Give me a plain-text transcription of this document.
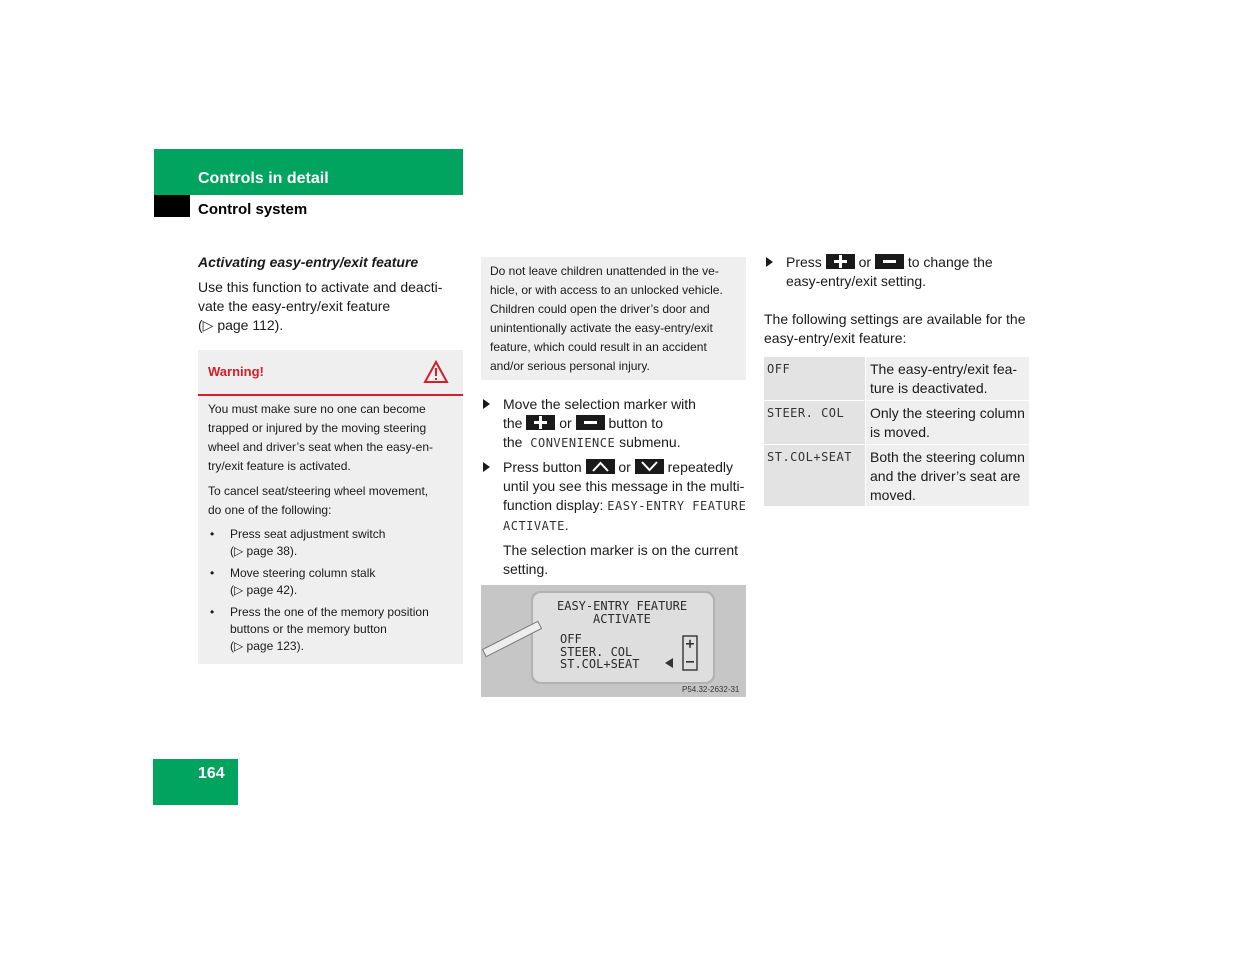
Controls in detail
Control system
Activating easy-entry/exit feature
Use this function to activate and deacti-
vate the easy-entry/exit feature
(▷ page 112).
Warning!

You must make sure no one can become
trapped or injured by the moving steering
wheel and driver’s seat when the easy-en-
try/exit feature is activated.

To cancel seat/steering wheel movement,
do one of the following:

• Press seat adjustment switch
(▷ page 38).
• Move steering column stalk
(▷ page 42).
• Press the one of the memory position
buttons or the memory button
(▷ page 123).
Do not leave children unattended in the ve-
hicle, or with access to an unlocked vehicle.
Children could open the driver’s door and
unintentionally activate the easy-entry/exit
feature, which could result in an accident
and/or serious personal injury.
Move the selection marker with
the	or	button to
the CONVENIENCE submenu.
Press button	or	repeatedly
until you see this message in the multi-
function display: EASY-ENTRY FEATURE
ACTIVATE.
The selection marker is on the current
setting.
EASY-ENTRY FEATURE
ACTIVATE
OFF
STEER. COL
ST.COL+SEAT
P54.32-2632-31
Press	or	to change the
easy-entry/exit setting.
The following settings are available for the
easy-entry/exit feature:
OFF	The easy-entry/exit fea-
ture is deactivated.
STEER. COL	Only the steering column
is moved.
ST.COL+SEAT	Both the steering column
and the driver’s seat are
moved.
164
